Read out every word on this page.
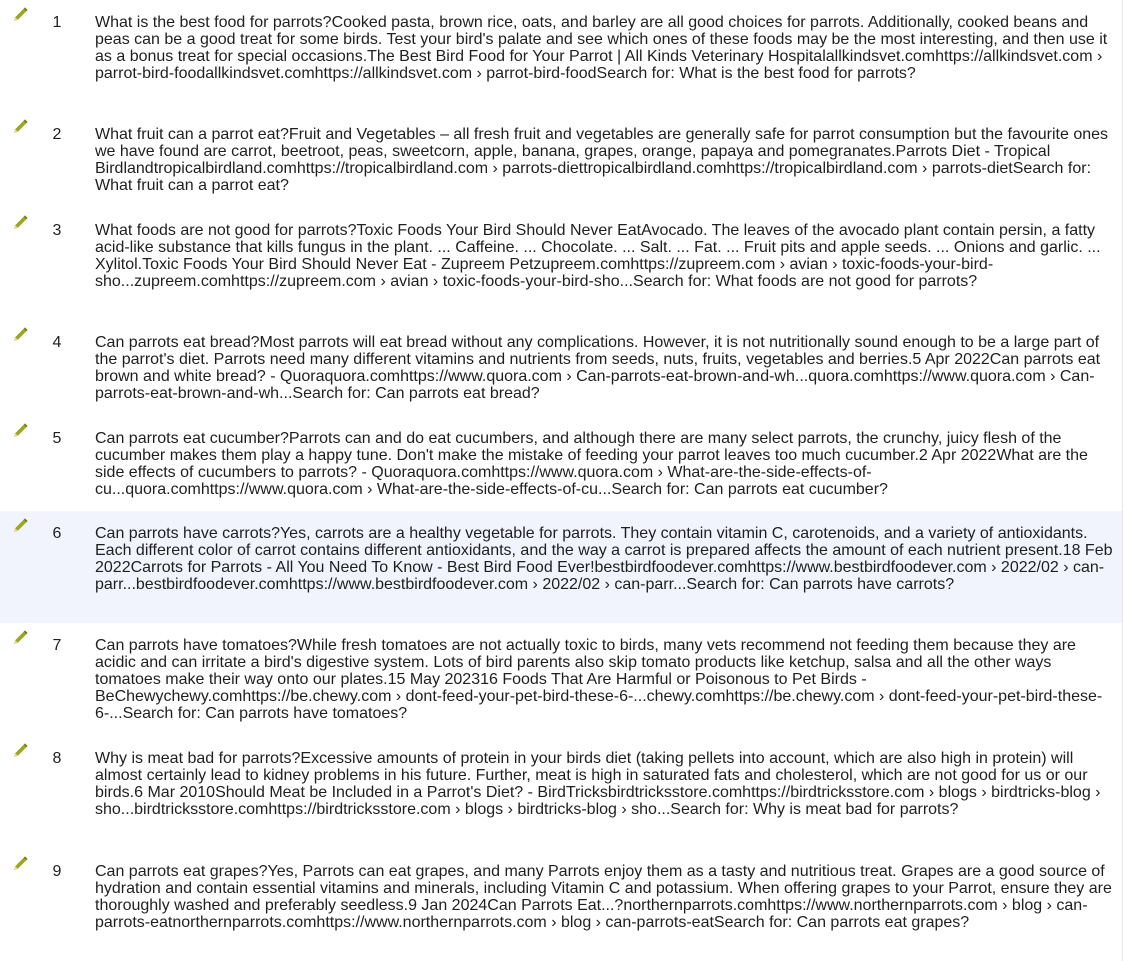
1	What is the best food for parrots?Cooked pasta, brown rice, oats, and barley are all good choices for parrots. Additionally, cooked beans and peas can be a good treat for some birds. Test your bird's palate and see which ones of these foods may be the most interesting, and then use it as a bonus treat for special occasions.The Best Bird Food for Your Parrot | All Kinds Veterinary Hospitalallkindsvet.comhttps://allkindsvet.com › parrot-bird-foodallkindsvet.comhttps://allkindsvet.com › parrot-bird-foodSearch for: What is the best food for parrots?
2	What fruit can a parrot eat?Fruit and Vegetables – all fresh fruit and vegetables are generally safe for parrot consumption but the favourite ones we have found are carrot, beetroot, peas, sweetcorn, apple, banana, grapes, orange, papaya and pomegranates.Parrots Diet - Tropical Birdlandtropicalbirdland.comhttps://tropicalbirdland.com › parrots-diettropicalbirdland.comhttps://tropicalbirdland.com › parrots-dietSearch for: What fruit can a parrot eat?
3	What foods are not good for parrots?Toxic Foods Your Bird Should Never EatAvocado. The leaves of the avocado plant contain persin, a fatty acid-like substance that kills fungus in the plant. ... Caffeine. ... Chocolate. ... Salt. ... Fat. ... Fruit pits and apple seeds. ... Onions and garlic. ... Xylitol.Toxic Foods Your Bird Should Never Eat - Zupreem Petzupreem.comhttps://zupreem.com › avian › toxic-foods-your-bird-sho...zupreem.comhttps://zupreem.com › avian › toxic-foods-your-bird-sho...Search for: What foods are not good for parrots?
4	Can parrots eat bread?Most parrots will eat bread without any complications. However, it is not nutritionally sound enough to be a large part of the parrot's diet. Parrots need many different vitamins and nutrients from seeds, nuts, fruits, vegetables and berries.5 Apr 2022Can parrots eat brown and white bread? - Quoraquora.comhttps://www.quora.com › Can-parrots-eat-brown-and-wh...quora.comhttps://www.quora.com › Can-parrots-eat-brown-and-wh...Search for: Can parrots eat bread?
5	Can parrots eat cucumber?Parrots can and do eat cucumbers, and although there are many select parrots, the crunchy, juicy flesh of the cucumber makes them play a happy tune. Don't make the mistake of feeding your parrot leaves too much cucumber.2 Apr 2022What are the side effects of cucumbers to parrots? - Quoraquora.comhttps://www.quora.com › What-are-the-side-effects-of-cu...quora.comhttps://www.quora.com › What-are-the-side-effects-of-cu...Search for: Can parrots eat cucumber?
6	Can parrots have carrots?Yes, carrots are a healthy vegetable for parrots. They contain vitamin C, carotenoids, and a variety of antioxidants. Each different color of carrot contains different antioxidants, and the way a carrot is prepared affects the amount of each nutrient present.18 Feb 2022Carrots for Parrots - All You Need To Know - Best Bird Food Ever!bestbirdfoodever.comhttps://www.bestbirdfoodever.com › 2022/02 › can-parr...bestbirdfoodever.comhttps://www.bestbirdfoodever.com › 2022/02 › can-parr...Search for: Can parrots have carrots?
7	Can parrots have tomatoes?While fresh tomatoes are not actually toxic to birds, many vets recommend not feeding them because they are acidic and can irritate a bird's digestive system. Lots of bird parents also skip tomato products like ketchup, salsa and all the other ways tomatoes make their way onto our plates.15 May 202316 Foods That Are Harmful or Poisonous to Pet Birds - BeChewychewy.comhttps://be.chewy.com › dont-feed-your-pet-bird-these-6-...chewy.comhttps://be.chewy.com › dont-feed-your-pet-bird-these-6-...Search for: Can parrots have tomatoes?
8	Why is meat bad for parrots?Excessive amounts of protein in your birds diet (taking pellets into account, which are also high in protein) will almost certainly lead to kidney problems in his future. Further, meat is high in saturated fats and cholesterol, which are not good for us or our birds.6 Mar 2010Should Meat be Included in a Parrot's Diet? - BirdTricksbirdtricksstore.comhttps://birdtricksstore.com › blogs › birdtricks-blog › sho...birdtricksstore.comhttps://birdtricksstore.com › blogs › birdtricks-blog › sho...Search for: Why is meat bad for parrots?
9	Can parrots eat grapes?Yes, Parrots can eat grapes, and many Parrots enjoy them as a tasty and nutritious treat. Grapes are a good source of hydration and contain essential vitamins and minerals, including Vitamin C and potassium. When offering grapes to your Parrot, ensure they are thoroughly washed and preferably seedless.9 Jan 2024Can Parrots Eat...?northernparrots.comhttps://www.northernparrots.com › blog › can-parrots-eatnorthernparrots.comhttps://www.northernparrots.com › blog › can-parrots-eatSearch for: Can parrots eat grapes?
